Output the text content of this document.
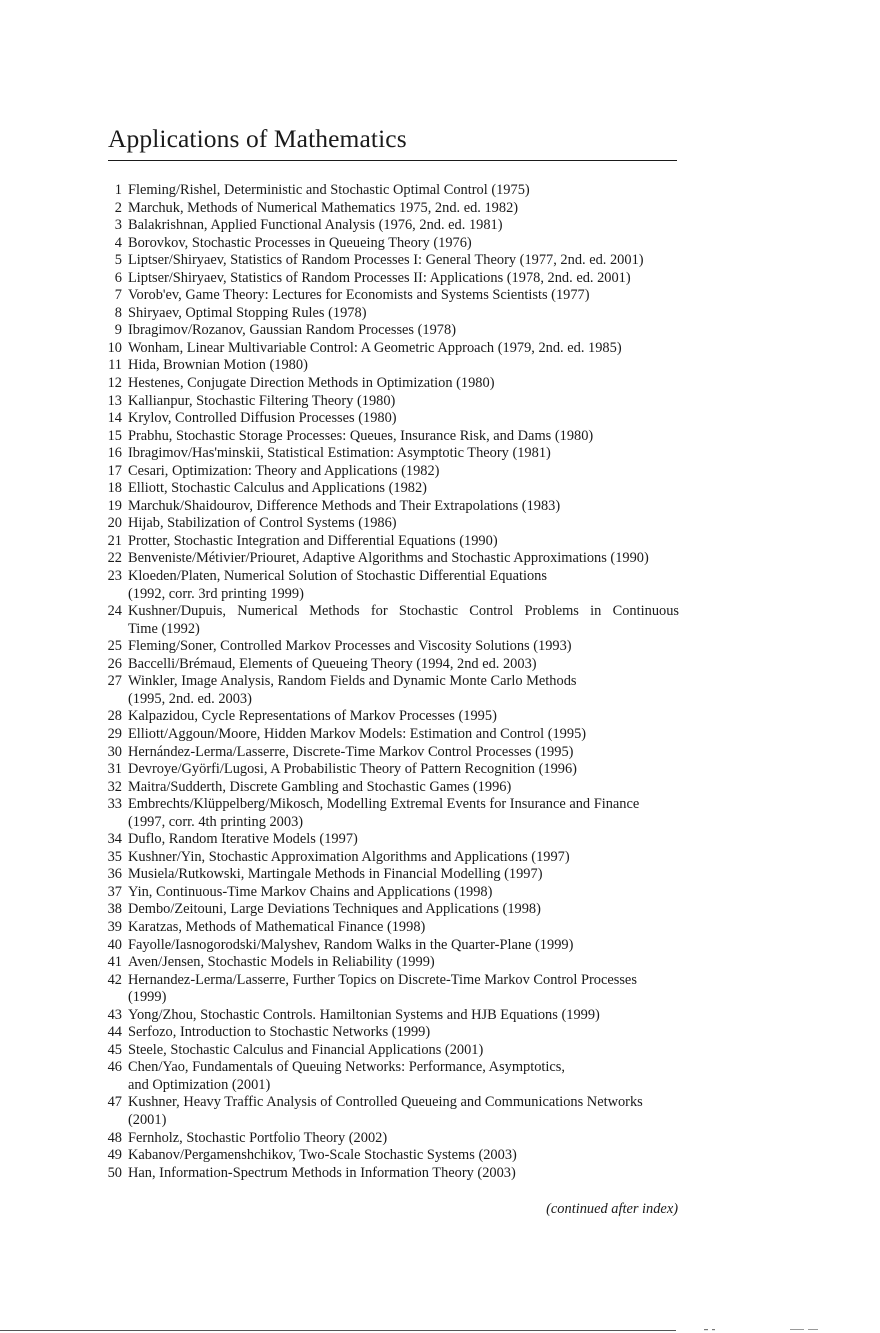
Applications of Mathematics
1 Fleming/Rishel, Deterministic and Stochastic Optimal Control (1975)
2 Marchuk, Methods of Numerical Mathematics 1975, 2nd. ed. 1982)
3 Balakrishnan, Applied Functional Analysis (1976, 2nd. ed. 1981)
4 Borovkov, Stochastic Processes in Queueing Theory (1976)
5 Liptser/Shiryaev, Statistics of Random Processes I: General Theory (1977, 2nd. ed. 2001)
6 Liptser/Shiryaev, Statistics of Random Processes II: Applications (1978, 2nd. ed. 2001)
7 Vorob'ev, Game Theory: Lectures for Economists and Systems Scientists (1977)
8 Shiryaev, Optimal Stopping Rules (1978)
9 Ibragimov/Rozanov, Gaussian Random Processes (1978)
10 Wonham, Linear Multivariable Control: A Geometric Approach (1979, 2nd. ed. 1985)
11 Hida, Brownian Motion (1980)
12 Hestenes, Conjugate Direction Methods in Optimization (1980)
13 Kallianpur, Stochastic Filtering Theory (1980)
14 Krylov, Controlled Diffusion Processes (1980)
15 Prabhu, Stochastic Storage Processes: Queues, Insurance Risk, and Dams (1980)
16 Ibragimov/Has'minskii, Statistical Estimation: Asymptotic Theory (1981)
17 Cesari, Optimization: Theory and Applications (1982)
18 Elliott, Stochastic Calculus and Applications (1982)
19 Marchuk/Shaidourov, Difference Methods and Their Extrapolations (1983)
20 Hijab, Stabilization of Control Systems (1986)
21 Protter, Stochastic Integration and Differential Equations (1990)
22 Benveniste/Métivier/Priouret, Adaptive Algorithms and Stochastic Approximations (1990)
23 Kloeden/Platen, Numerical Solution of Stochastic Differential Equations
(1992, corr. 3rd printing 1999)
24 Kushner/Dupuis, Numerical Methods for Stochastic Control Problems in Continuous
Time (1992)
25 Fleming/Soner, Controlled Markov Processes and Viscosity Solutions (1993)
26 Baccelli/Brémaud, Elements of Queueing Theory (1994, 2nd ed. 2003)
27 Winkler, Image Analysis, Random Fields and Dynamic Monte Carlo Methods
(1995, 2nd. ed. 2003)
28 Kalpazidou, Cycle Representations of Markov Processes (1995)
29 Elliott/Aggoun/Moore, Hidden Markov Models: Estimation and Control (1995)
30 Hernández-Lerma/Lasserre, Discrete-Time Markov Control Processes (1995)
31 Devroye/Györfi/Lugosi, A Probabilistic Theory of Pattern Recognition (1996)
32 Maitra/Sudderth, Discrete Gambling and Stochastic Games (1996)
33 Embrechts/Klüppelberg/Mikosch, Modelling Extremal Events for Insurance and Finance
(1997, corr. 4th printing 2003)
34 Duflo, Random Iterative Models (1997)
35 Kushner/Yin, Stochastic Approximation Algorithms and Applications (1997)
36 Musiela/Rutkowski, Martingale Methods in Financial Modelling (1997)
37 Yin, Continuous-Time Markov Chains and Applications (1998)
38 Dembo/Zeitouni, Large Deviations Techniques and Applications (1998)
39 Karatzas, Methods of Mathematical Finance (1998)
40 Fayolle/Iasnogorodski/Malyshev, Random Walks in the Quarter-Plane (1999)
41 Aven/Jensen, Stochastic Models in Reliability (1999)
42 Hernandez-Lerma/Lasserre, Further Topics on Discrete-Time Markov Control Processes
(1999)
43 Yong/Zhou, Stochastic Controls. Hamiltonian Systems and HJB Equations (1999)
44 Serfozo, Introduction to Stochastic Networks (1999)
45 Steele, Stochastic Calculus and Financial Applications (2001)
46 Chen/Yao, Fundamentals of Queuing Networks: Performance, Asymptotics,
and Optimization (2001)
47 Kushner, Heavy Traffic Analysis of Controlled Queueing and Communications Networks
(2001)
48 Fernholz, Stochastic Portfolio Theory (2002)
49 Kabanov/Pergamenshchikov, Two-Scale Stochastic Systems (2003)
50 Han, Information-Spectrum Methods in Information Theory (2003)
(continued after index)
